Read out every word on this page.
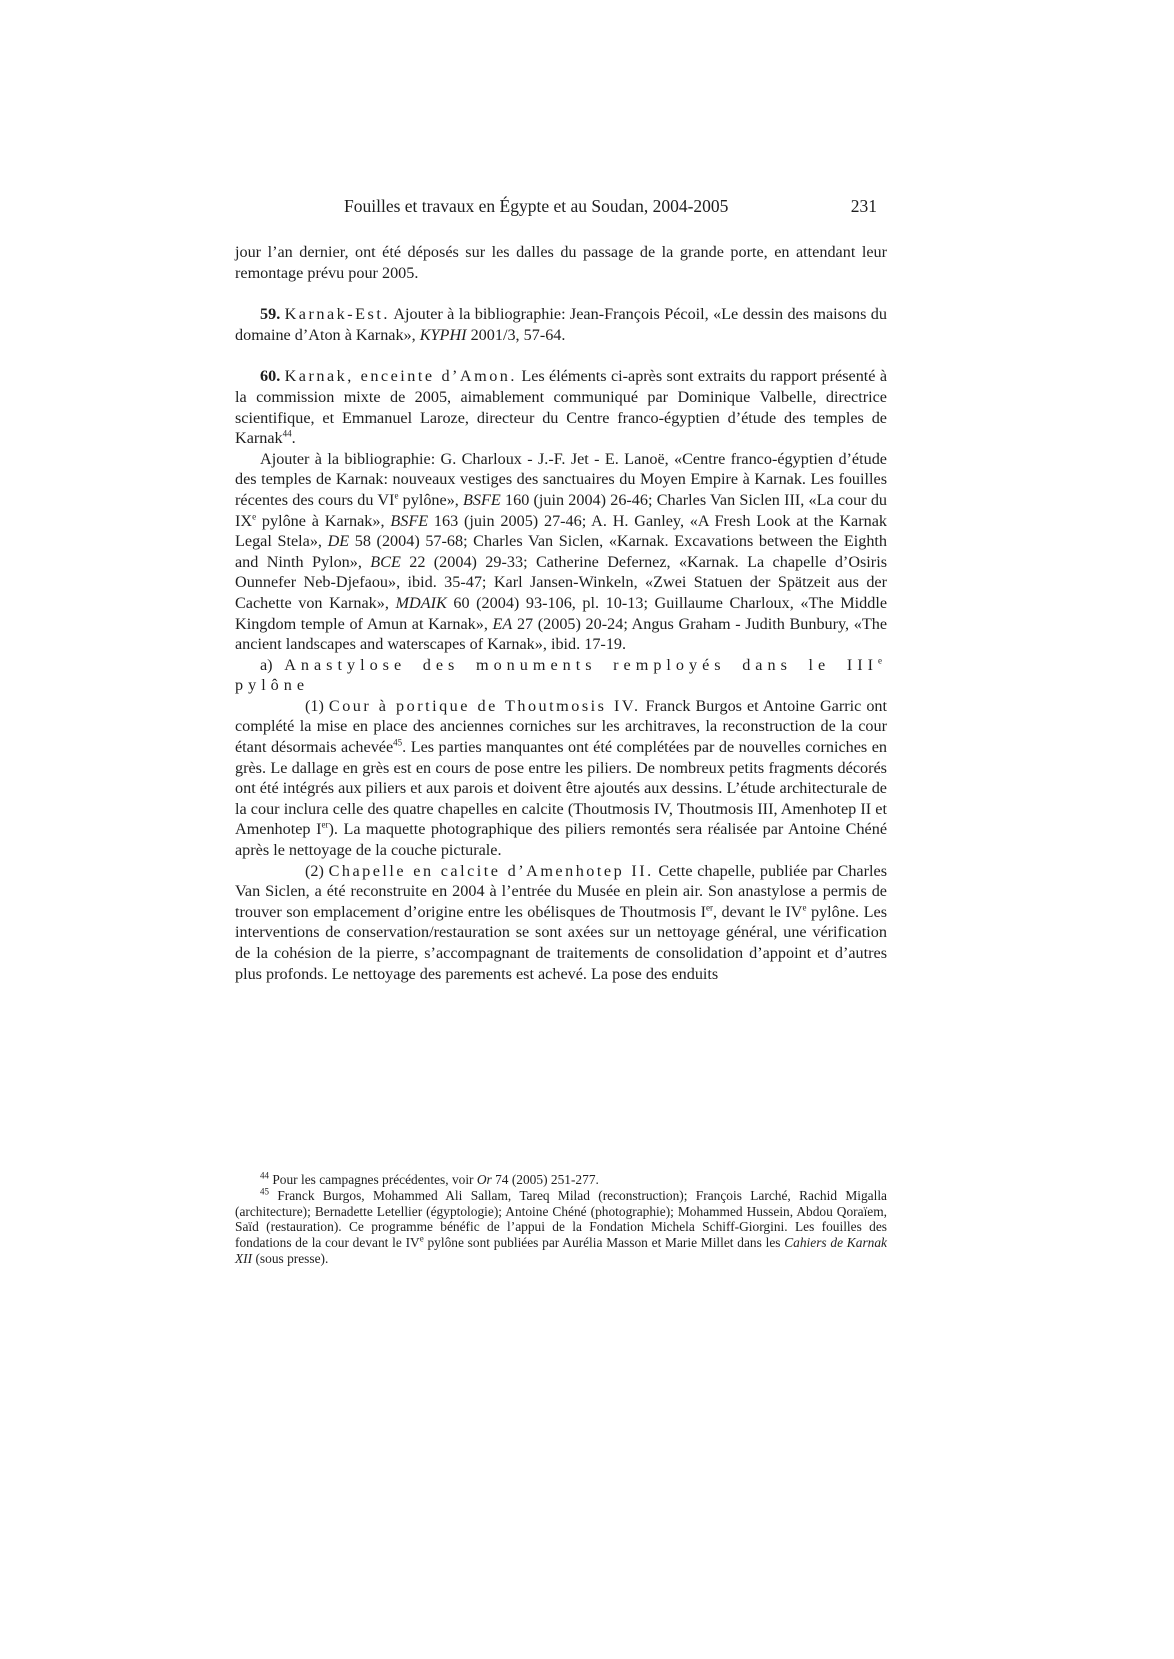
Fouilles et travaux en Égypte et au Soudan, 2004-2005	231

jour l’an dernier, ont été déposés sur les dalles du passage de la grande porte, en attendant leur remontage prévu pour 2005.

59. Karnak-Est. Ajouter à la bibliographie: Jean-François Pécoil, «Le dessin des maisons du domaine d’Aton à Karnak», KYPHI 2001/3, 57-64.

60. Karnak, enceinte d’Amon. Les éléments ci-après sont extraits du rapport présenté à la commission mixte de 2005, aimablement communiqué par Dominique Valbelle, directrice scientifique, et Emmanuel Laroze, directeur du Centre franco-égyptien d’étude des temples de Karnak$^{44}$.

Ajouter à la bibliographie: G. Charloux - J.-F. Jet - E. Lanoë, «Centre franco-égyptien d’étude des temples de Karnak: nouveaux vestiges des sanctuaires du Moyen Empire à Karnak. Les fouilles récentes des cours du VIe pylône», BSFE 160 (juin 2004) 26-46; Charles Van Siclen III, «La cour du IXe pylône à Karnak», BSFE 163 (juin 2005) 27-46; A. H. Ganley, «A Fresh Look at the Karnak Legal Stela», DE 58 (2004) 57-68; Charles Van Siclen, «Karnak. Excavations between the Eighth and Ninth Pylon», BCE 22 (2004) 29-33; Catherine Defernez, «Karnak. La chapelle d’Osiris Ounnefer Neb-Djefaou», ibid. 35-47; Karl Jansen-Winkeln, «Zwei Statuen der Spätzeit aus der Cachette von Karnak», MDAIK 60 (2004) 93-106, pl. 10-13; Guillaume Charloux, «The Middle Kingdom temple of Amun at Karnak», EA 27 (2005) 20-24; Angus Graham - Judith Bunbury, «The ancient landscapes and waterscapes of Karnak», ibid. 17-19.

a) Anastylose des monuments remployés dans le IIIe pylône

(1) Cour à portique de Thoutmosis IV. Franck Burgos et Antoine Garric ont complété la mise en place des anciennes corniches sur les architraves, la reconstruction de la cour étant désormais achevée$^{45}$. Les parties manquantes ont été complétées par de nouvelles corniches en grès. Le dallage en grès est en cours de pose entre les piliers. De nombreux petits fragments décorés ont été intégrés aux piliers et aux parois et doivent être ajoutés aux dessins. L’étude architecturale de la cour inclura celle des quatre chapelles en calcite (Thoutmosis IV, Thoutmosis III, Amenhotep II et Amenhotep Ier). La maquette photographique des piliers remontés sera réalisée par Antoine Chéné après le nettoyage de la couche picturale.

(2) Chapelle en calcite d’Amenhotep II. Cette chapelle, publiée par Charles Van Siclen, a été reconstruite en 2004 à l’entrée du Musée en plein air. Son anastylose a permis de trouver son emplacement d’origine entre les obélisques de Thoutmosis Ier, devant le IVe pylône. Les interventions de conservation/restauration se sont axées sur un nettoyage général, une vérification de la cohésion de la pierre, s’accompagnant de traitements de consolidation d’appoint et d’autres plus profonds. Le nettoyage des parements est achevé. La pose des enduits

$^{44}$ Pour les campagnes précédentes, voir Or 74 (2005) 251-277.

$^{45}$ Franck Burgos, Mohammed Ali Sallam, Tareq Milad (reconstruction); François Larché, Rachid Migalla (architecture); Bernadette Letellier (égyptologie); Antoine Chéné (photographie); Mohammed Hussein, Abdou Qoraïem, Saïd (restauration). Ce programme bénéfic de l’appui de la Fondation Michela Schiff-Giorgini. Les fouilles des fondations de la cour devant le IVe pylône sont publiées par Aurélia Masson et Marie Millet dans les Cahiers de Karnak XII (sous presse).
